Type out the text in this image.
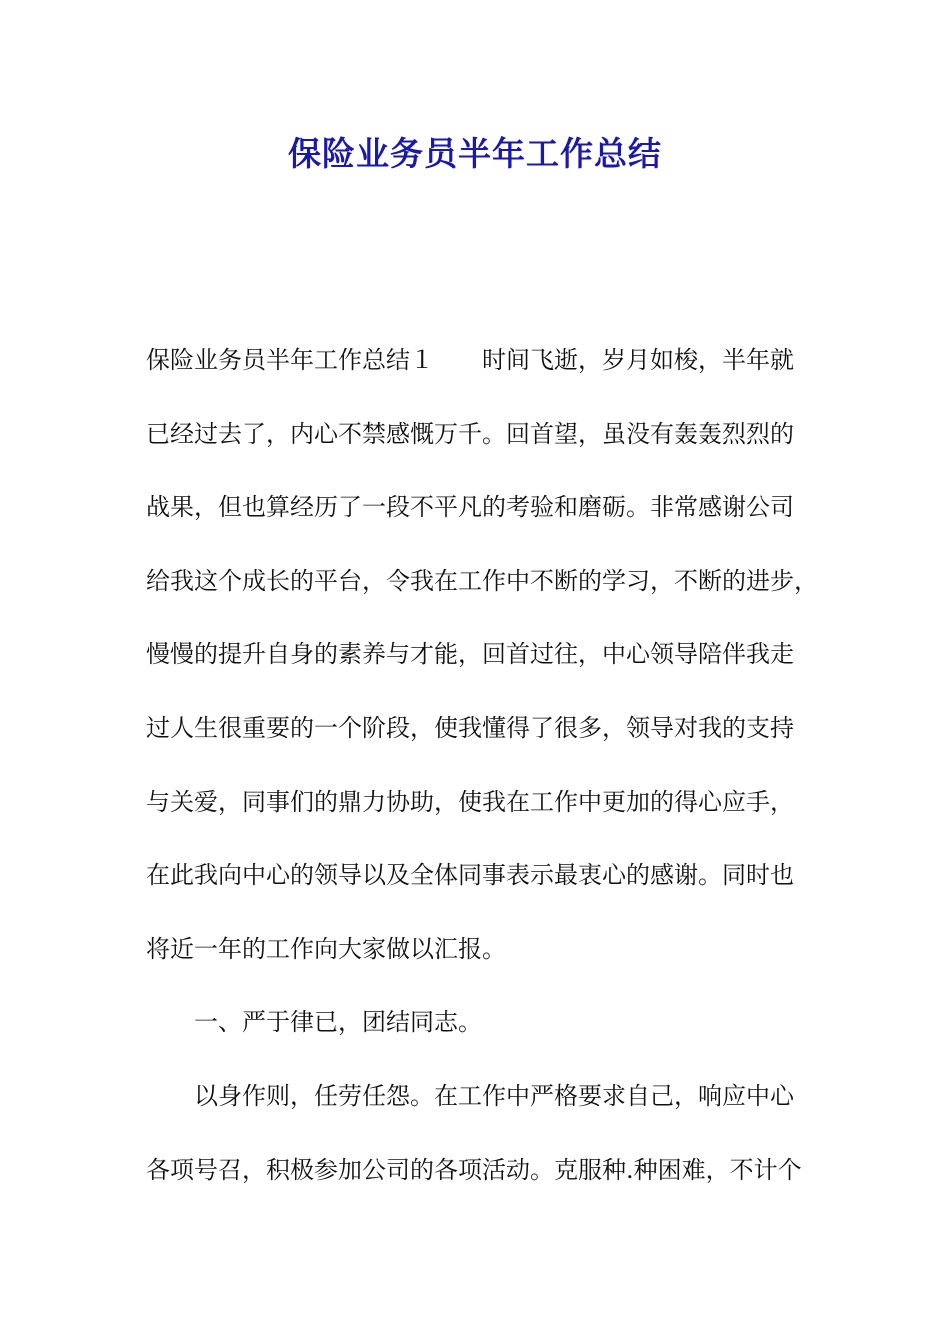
保险业务员半年工作总结
保险业务员半年工作总结１ 时间飞逝，岁月如梭，半年就
已经过去了，内心不禁感慨万千。回首望，虽没有轰轰烈烈的
战果，但也算经历了一段不平凡的考验和磨砺。非常感谢公司
给我这个成长的平台，令我在工作中不断的学习，不断的进步，
慢慢的提升自身的素养与才能，回首过往，中心领导陪伴我走
过人生很重要的一个阶段，使我懂得了很多，领导对我的支持
与关爱，同事们的鼎力协助，使我在工作中更加的得心应手，
在此我向中心的领导以及全体同事表示最衷心的感谢。同时也
将近一年的工作向大家做以汇报。
一、严于律已，团结同志。
以身作则，任劳任怨。在工作中严格要求自己，响应中心
各项号召，积极参加公司的各项活动。克服种.种困难，不计个
